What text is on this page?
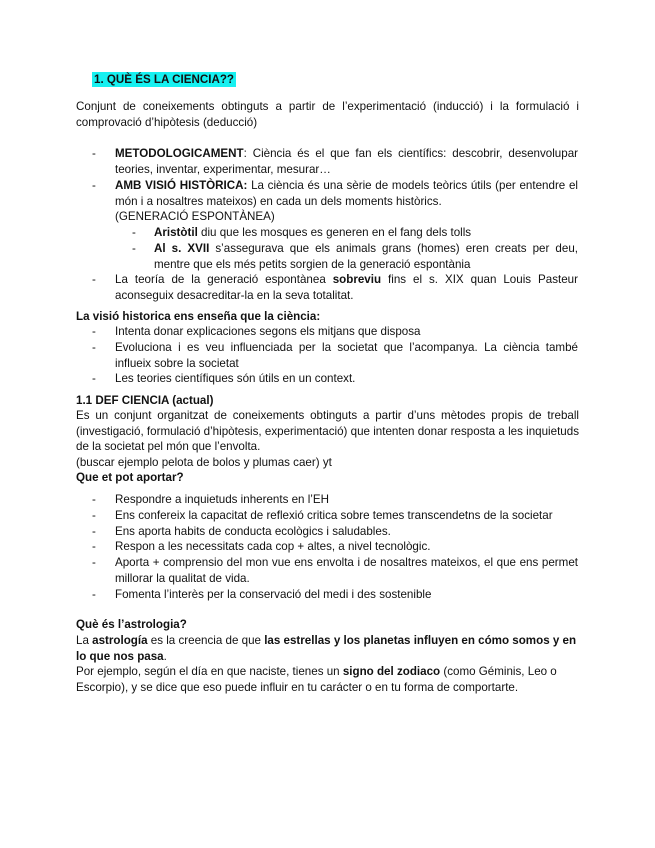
1. QUÈ ÉS LA CIENCIA??
Conjunt de coneixements obtinguts a partir de l’experimentació (inducció) i la formulació i comprovació d’hipòtesis (deducció)
METODOLOGICAMENT: Ciència és el que fan els científics: descobrir, desenvolupar teories, inventar, experimentar, mesurar…
AMB VISIÓ HISTÒRICA: La ciència és una sèrie de models teòrics útils (per entendre el món i a nosaltres mateixos) en cada un dels moments històrics.
(GENERACIÓ ESPONTÀNEA)
Aristòtil diu que les mosques es generen en el fang dels tolls
Al s. XVII s’assegurava que els animals grans (homes) eren creats per deu, mentre que els més petits sorgien de la generació espontània
La teoría de la generació espontànea sobreviu fins el s. XIX quan Louis Pasteur aconseguix desacreditar-la en la seva totalitat.
La visió historica ens enseña que la ciència:
Intenta donar explicaciones segons els mitjans que disposa
Evoluciona i es veu influenciada per la societat que l’acompanya. La ciència també influeix sobre la societat
Les teories científiques són útils en un context.
1.1 DEF CIENCIA (actual)
Es un conjunt organitzat de coneixements obtinguts a partir d’uns mètodes propis de treball (investigació, formulació d’hipòtesis, experimentació) que intenten donar resposta a les inquietuds de la societat pel món que l’envolta.
(buscar ejemplo pelota de bolos y plumas caer) yt
Que et pot aportar?
Respondre a inquietuds inherents en l’EH
Ens confereix la capacitat de reflexió critica sobre temes transcendetns de la societar
Ens aporta habits de conducta ecològics i saludables.
Respon a les necessitats cada cop + altes, a nivel tecnològic.
Aporta + comprensio del mon vue ens envolta i de nosaltres mateixos, el que ens permet millorar la qualitat de vida.
Fomenta l’interès per la conservació del medi i des sostenible
Què és l’astrologia?
La astrología es la creencia de que las estrellas y los planetas influyen en cómo somos y en lo que nos pasa.
Por ejemplo, según el día en que naciste, tienes un signo del zodiaco (como Géminis, Leo o Escorpio), y se dice que eso puede influir en tu carácter o en tu forma de comportarte.
